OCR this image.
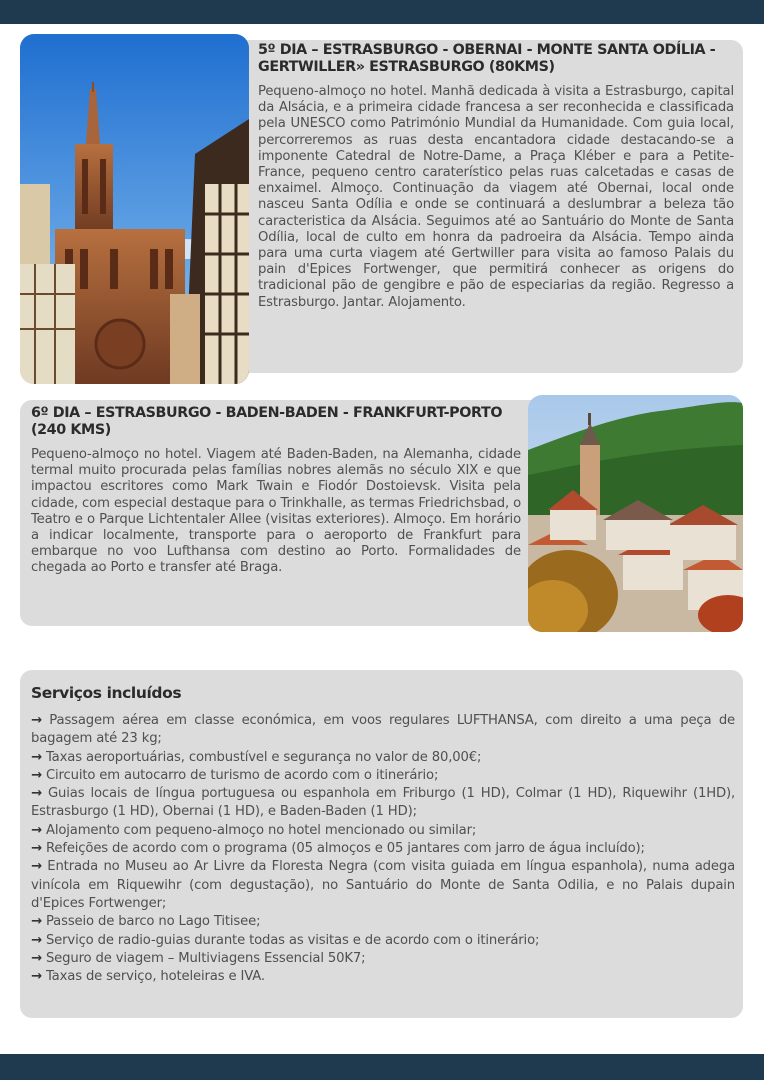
5º DIA – ESTRASBURGO - OBERNAI - MONTE SANTA ODÍLIA - GERTWILLER» ESTRASBURGO (80KMS)

Pequeno-almoço no hotel. Manhã dedicada à visita a Estrasburgo, capital da Alsácia, e a primeira cidade francesa a ser reconhecida e classificada pela UNESCO como Património Mundial da Humanidade. Com guia local, percorreremos as ruas desta encantadora cidade destacando-se a imponente Catedral de Notre-Dame, a Praça Kléber e para a Petite-France, pequeno centro caraterístico pelas ruas calcetadas e casas de enxaimel. Almoço. Continuação da viagem até Obernai, local onde nasceu Santa Odília e onde se continuará a deslumbrar a beleza tão caracteristica da Alsácia. Seguimos até ao Santuário do Monte de Santa Odília, local de culto em honra da padroeira da Alsácia. Tempo ainda para uma curta viagem até Gertwiller para visita ao famoso Palais du pain d'Epices Fortwenger, que permitirá conhecer as origens do tradicional pão de gengibre e pão de especiarias da região. Regresso a Estrasburgo. Jantar. Alojamento.

6º DIA – ESTRASBURGO - BADEN-BADEN - FRANKFURT-PORTO (240 KMS)

Pequeno-almoço no hotel. Viagem até Baden-Baden, na Alemanha, cidade termal muito procurada pelas famílias nobres alemãs no século XIX e que impactou escritores como Mark Twain e Fiodór Dostoievsk. Visita pela cidade, com especial destaque para o Trinkhalle, as termas Friedrichsbad, o Teatro e o Parque Lichtentaler Allee (visitas exteriores). Almoço. Em horário a indicar localmente, transporte para o aeroporto de Frankfurt para embarque no voo Lufthansa com destino ao Porto. Formalidades de chegada ao Porto e transfer até Braga.

Serviços incluídos
→ Passagem aérea em classe económica, em voos regulares LUFTHANSA, com direito a uma peça de bagagem até 23 kg;
→ Taxas aeroportuárias, combustível e segurança no valor de 80,00€;
→ Circuito em autocarro de turismo de acordo com o itinerário;
→ Guias locais de língua portuguesa ou espanhola em Friburgo (1 HD), Colmar (1 HD), Riquewihr (1HD), Estrasburgo (1 HD), Obernai (1 HD), e Baden-Baden (1 HD);
→ Alojamento com pequeno-almoço no hotel mencionado ou similar;
→ Refeições de acordo com o programa (05 almoços e 05 jantares com jarro de água incluído);
→ Entrada no Museu ao Ar Livre da Floresta Negra (com visita guiada em língua espanhola), numa adega vinícola em Riquewihr (com degustação), no Santuário do Monte de Santa Odilia, e no Palais dupain d'Epices Fortwenger;
→ Passeio de barco no Lago Titisee;
→ Serviço de radio-guias durante todas as visitas e de acordo com o itinerário;
→ Seguro de viagem – Multiviagens Essencial 50K7;
→ Taxas de serviço, hoteleiras e IVA.
